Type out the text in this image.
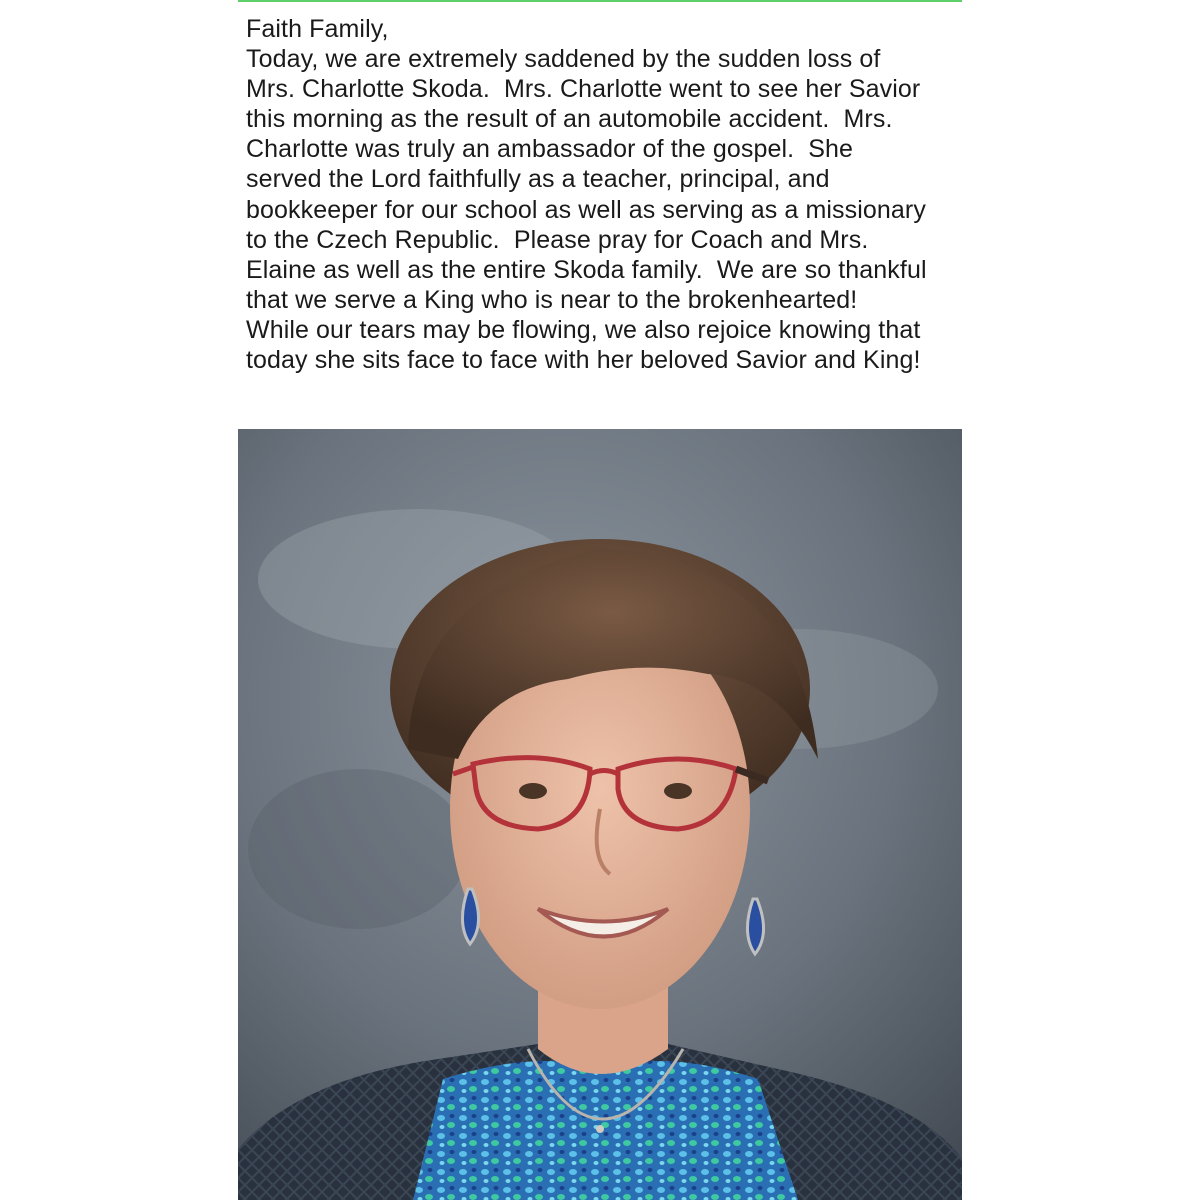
Faith Family,
Today, we are extremely saddened by the sudden loss of
Mrs. Charlotte Skoda.  Mrs. Charlotte went to see her Savior
this morning as the result of an automobile accident.  Mrs.
Charlotte was truly an ambassador of the gospel.  She
served the Lord faithfully as a teacher, principal, and
bookkeeper for our school as well as serving as a missionary
to the Czech Republic.  Please pray for Coach and Mrs.
Elaine as well as the entire Skoda family.  We are so thankful
that we serve a King who is near to the brokenhearted!
While our tears may be flowing, we also rejoice knowing that
today she sits face to face with her beloved Savior and King!
